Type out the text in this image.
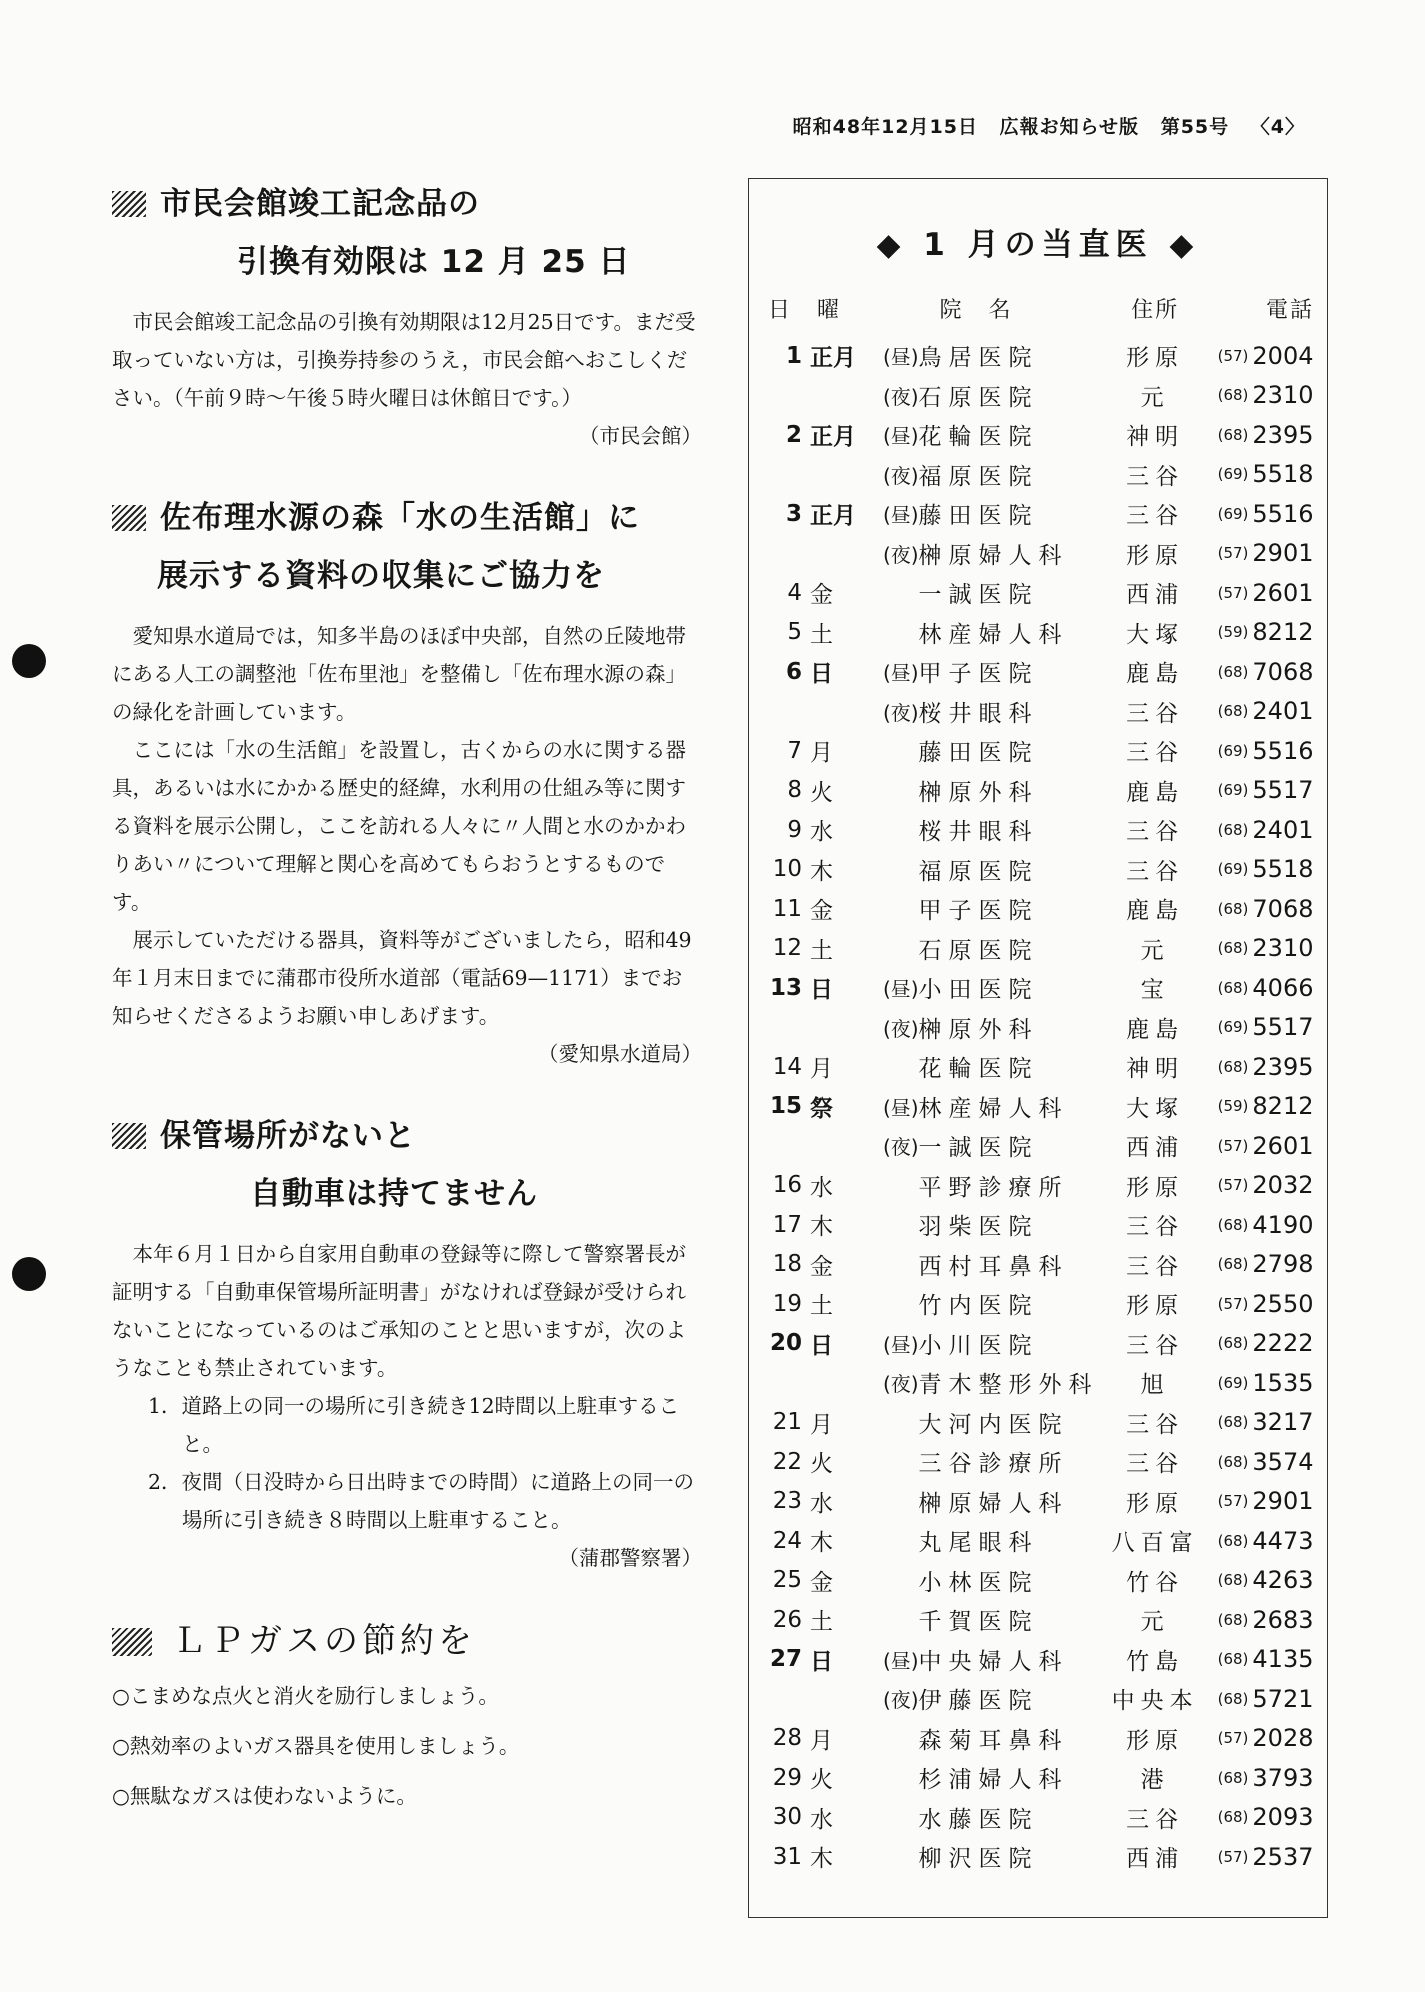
昭和48年12月15日 広報お知らせ版 第55号 〈4〉
市民会館竣工記念品の
引換有効限は 12 月 25 日
市民会館竣工記念品の引換有効期限は12月25日です。まだ受取っていない方は，引換券持参のうえ，市民会館へおこしください。（午前９時〜午後５時火曜日は休館日です。）
（市民会館）
佐布理水源の森「水の生活館」に
展示する資料の収集にご協力を
愛知県水道局では，知多半島のほぼ中央部，自然の丘陵地帯にある人工の調整池「佐布里池」を整備し「佐布理水源の森」の緑化を計画しています。
ここには「水の生活館」を設置し，古くからの水に関する器具，あるいは水にかかる歴史的経緯，水利用の仕組み等に関する資料を展示公開し，ここを訪れる人々に〃人間と水のかかわりあい〃について理解と関心を高めてもらおうとするものです。
展示していただける器具，資料等がございましたら，昭和49年１月末日までに蒲郡市役所水道部（電話69—1171）までお知らせくださるようお願い申しあげます。
（愛知県水道局）
保管場所がないと
自動車は持てません
本年６月１日から自家用自動車の登録等に際して警察署長が証明する「自動車保管場所証明書」がなければ登録が受けられないことになっているのはご承知のことと思いますが，次のようなことも禁止されています。
1．道路上の同一の場所に引き続き12時間以上駐車すること。
2．夜間（日没時から日出時までの時間）に道路上の同一の場所に引き続き８時間以上駐車すること。
（蒲郡警察署）
ＬＰガスの節約を
○こまめな点火と消火を励行しましょう。
○熱効率のよいガス器具を使用しましょう。
○無駄なガスは使わないように。
◆ 1 月の当直医 ◆
日 曜		院 名		住所	電話	
1	正月	(昼)	鳥居医院	形原	(57)	2004
		(夜)	石原医院	元	(68)	2310
2	正月	(昼)	花輪医院	神明	(68)	2395
		(夜)	福原医院	三谷	(69)	5518
3	正月	(昼)	藤田医院	三谷	(69)	5516
		(夜)	榊原婦人科	形原	(57)	2901
4	金		一誠医院	西浦	(57)	2601
5	土		林産婦人科	大塚	(59)	8212
6	日	(昼)	甲子医院	鹿島	(68)	7068
		(夜)	桜井眼科	三谷	(68)	2401
7	月		藤田医院	三谷	(69)	5516
8	火		榊原外科	鹿島	(69)	5517
9	水		桜井眼科	三谷	(68)	2401
10	木		福原医院	三谷	(69)	5518
11	金		甲子医院	鹿島	(68)	7068
12	土		石原医院	元	(68)	2310
13	日	(昼)	小田医院	宝	(68)	4066
		(夜)	榊原外科	鹿島	(69)	5517
14	月		花輪医院	神明	(68)	2395
15	祭	(昼)	林産婦人科	大塚	(59)	8212
		(夜)	一誠医院	西浦	(57)	2601
16	水		平野診療所	形原	(57)	2032
17	木		羽柴医院	三谷	(68)	4190
18	金		西村耳鼻科	三谷	(68)	2798
19	土		竹内医院	形原	(57)	2550
20	日	(昼)	小川医院	三谷	(68)	2222
		(夜)	青木整形外科	旭	(69)	1535
21	月		大河内医院	三谷	(68)	3217
22	火		三谷診療所	三谷	(68)	3574
23	水		榊原婦人科	形原	(57)	2901
24	木		丸尾眼科	八百富	(68)	4473
25	金		小林医院	竹谷	(68)	4263
26	土		千賀医院	元	(68)	2683
27	日	(昼)	中央婦人科	竹島	(68)	4135
		(夜)	伊藤医院	中央本	(68)	5721
28	月		森菊耳鼻科	形原	(57)	2028
29	火		杉浦婦人科	港	(68)	3793
30	水		水藤医院	三谷	(68)	2093
31	木		柳沢医院	西浦	(57)	2537
